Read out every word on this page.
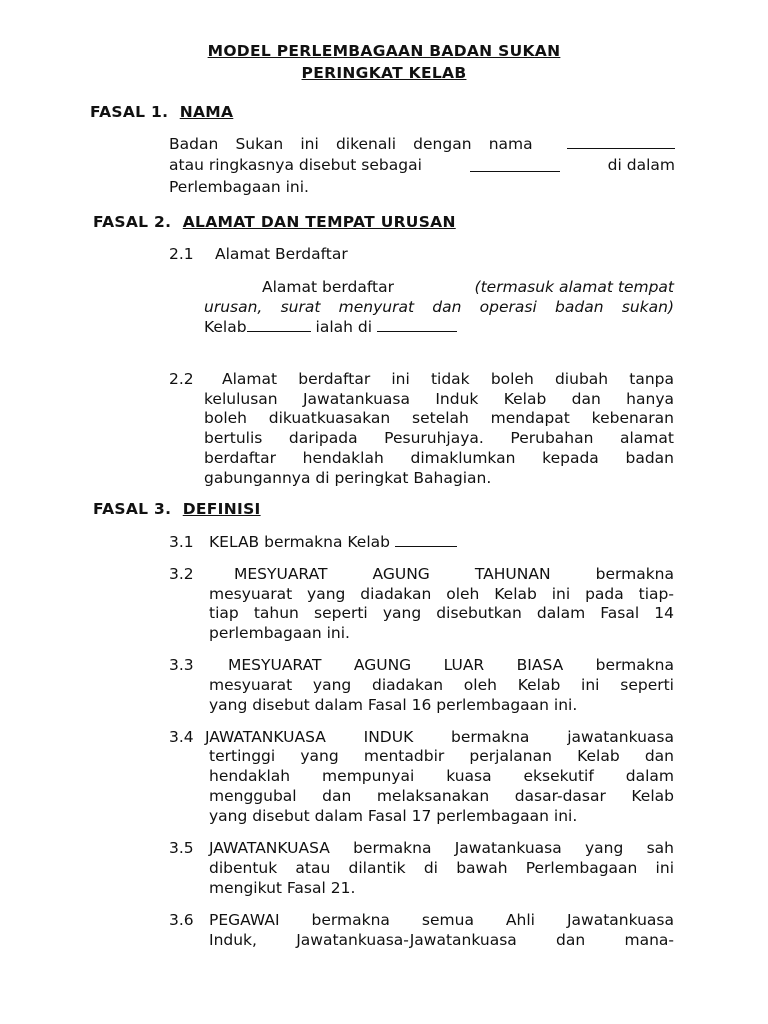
MODEL PERLEMBAGAAN BADAN SUKAN
PERINGKAT KELAB
FASAL 1. NAMA
Badan Sukan ini dikenali dengan nama
atau ringkasnya disebut sebagai	di dalam
Perlembagaan ini.
FASAL 2. ALAMAT DAN TEMPAT URUSAN
2.1 Alamat Berdaftar
Alamat berdaftar	(termasuk alamat tempat
urusan, surat menyurat dan operasi badan sukan)
Kelab	ialah di
2.2 Alamat berdaftar ini tidak boleh diubah tanpa
kelulusan Jawatankuasa Induk Kelab dan hanya
boleh dikuatkuasakan setelah mendapat kebenaran
bertulis daripada Pesuruhjaya. Perubahan alamat
berdaftar hendaklah dimaklumkan kepada badan
gabungannya di peringkat Bahagian.
FASAL 3. DEFINISI
3.1 KELAB bermakna Kelab
3.2	MESYUARAT AGUNG TAHUNAN bermakna
mesyuarat yang diadakan oleh Kelab ini pada tiap-
tiap tahun seperti yang disebutkan dalam Fasal 14
perlembagaan ini.
3.3 MESYUARAT AGUNG LUAR BIASA bermakna
mesyuarat yang diadakan oleh Kelab ini seperti
yang disebut dalam Fasal 16 perlembagaan ini.
3.4 JAWATANKUASA INDUK bermakna jawatankuasa
tertinggi yang mentadbir perjalanan Kelab dan
hendaklah mempunyai kuasa eksekutif dalam
menggubal dan melaksanakan dasar-dasar Kelab
yang disebut dalam Fasal 17 perlembagaan ini.
3.5 JAWATANKUASA bermakna Jawatankuasa yang sah
dibentuk atau dilantik di bawah Perlembagaan ini
mengikut Fasal 21.
3.6 PEGAWAI bermakna semua Ahli Jawatankuasa
Induk, Jawatankuasa-Jawatankuasa dan mana-
